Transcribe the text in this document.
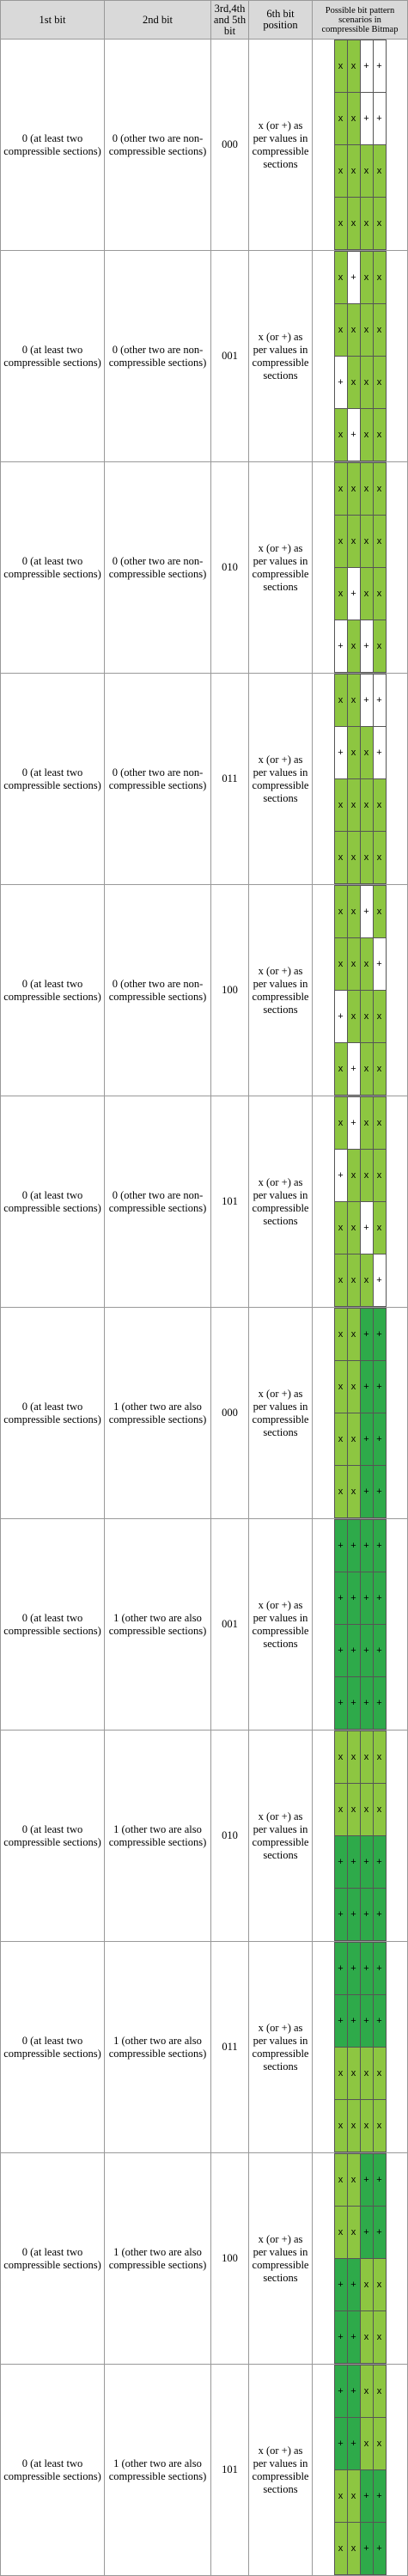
1st bit	2nd bit	3rd,4th and 5th bit	6th bit position	Possible bit pattern scenarios in compressible Bitmap
0 (at least two compressible sections)	0 (other two are non-compressible sections)	000	x (or +) as per values in compressible sections	
x	x	+	+
x	x	+	+
x	x	x	x
x	x	x	x

0 (at least two compressible sections)	0 (other two are non-compressible sections)	001	x (or +) as per values in compressible sections	
x	+	x	x
x	x	x	x
+	x	x	x
x	+	x	x

0 (at least two compressible sections)	0 (other two are non-compressible sections)	010	x (or +) as per values in compressible sections	
x	x	x	x
x	x	x	x
x	+	x	x
+	x	+	x

0 (at least two compressible sections)	0 (other two are non-compressible sections)	011	x (or +) as per values in compressible sections	
x	x	+	+
+	x	x	+
x	x	x	x
x	x	x	x

0 (at least two compressible sections)	0 (other two are non-compressible sections)	100	x (or +) as per values in compressible sections	
x	x	+	x
x	x	x	+
+	x	x	x
x	+	x	x

0 (at least two compressible sections)	0 (other two are non-compressible sections)	101	x (or +) as per values in compressible sections	
x	+	x	x
+	x	x	x
x	x	+	x
x	x	x	+

0 (at least two compressible sections)	1 (other two are also compressible sections)	000	x (or +) as per values in compressible sections	
x	x	+	+
x	x	+	+
x	x	+	+
x	x	+	+

0 (at least two compressible sections)	1 (other two are also compressible sections)	001	x (or +) as per values in compressible sections	
+	+	+	+
+	+	+	+
+	+	+	+
+	+	+	+

0 (at least two compressible sections)	1 (other two are also compressible sections)	010	x (or +) as per values in compressible sections	
x	x	x	x
x	x	x	x
+	+	+	+
+	+	+	+

0 (at least two compressible sections)	1 (other two are also compressible sections)	011	x (or +) as per values in compressible sections	
+	+	+	+
+	+	+	+
x	x	x	x
x	x	x	x

0 (at least two compressible sections)	1 (other two are also compressible sections)	100	x (or +) as per values in compressible sections	
x	x	+	+
x	x	+	+
+	+	x	x
+	+	x	x

0 (at least two compressible sections)	1 (other two are also compressible sections)	101	x (or +) as per values in compressible sections	
+	+	x	x
+	+	x	x
x	x	+	+
x	x	+	+
